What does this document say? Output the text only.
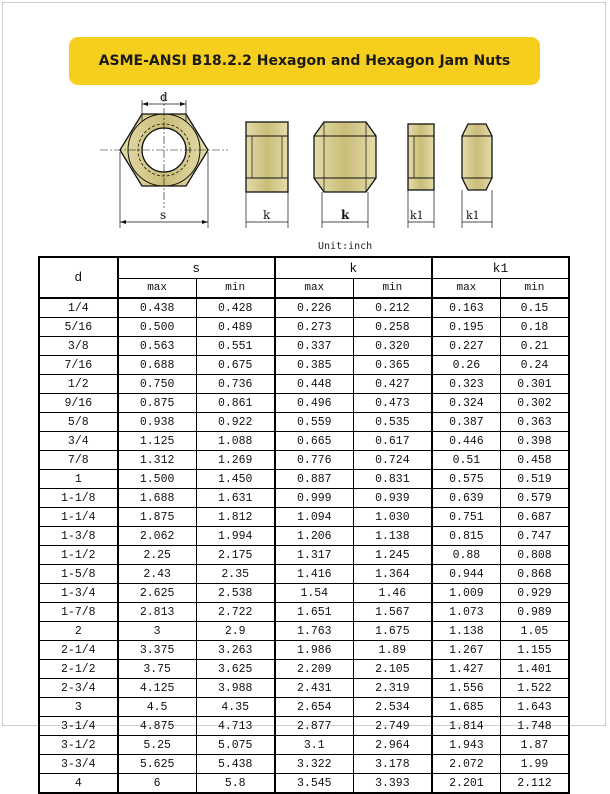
ASME-ANSI B18.2.2 Hexagon and Hexagon Jam Nuts
d
s	k	k	k1	k1
Unit:inch
d	s		k		k1	
	max	min	max	min	max	min
1/4	0.438	0.428	0.226	0.212	0.163	0.15
5/16	0.500	0.489	0.273	0.258	0.195	0.18
3/8	0.563	0.551	0.337	0.320	0.227	0.21
7/16	0.688	0.675	0.385	0.365	0.26	0.24
1/2	0.750	0.736	0.448	0.427	0.323	0.301
9/16	0.875	0.861	0.496	0.473	0.324	0.302
5/8	0.938	0.922	0.559	0.535	0.387	0.363
3/4	1.125	1.088	0.665	0.617	0.446	0.398
7/8	1.312	1.269	0.776	0.724	0.51	0.458
1	1.500	1.450	0.887	0.831	0.575	0.519
1-1/8	1.688	1.631	0.999	0.939	0.639	0.579
1-1/4	1.875	1.812	1.094	1.030	0.751	0.687
1-3/8	2.062	1.994	1.206	1.138	0.815	0.747
1-1/2	2.25	2.175	1.317	1.245	0.88	0.808
1-5/8	2.43	2.35	1.416	1.364	0.944	0.868
1-3/4	2.625	2.538	1.54	1.46	1.009	0.929
1-7/8	2.813	2.722	1.651	1.567	1.073	0.989
2	3	2.9	1.763	1.675	1.138	1.05
2-1/4	3.375	3.263	1.986	1.89	1.267	1.155
2-1/2	3.75	3.625	2.209	2.105	1.427	1.401
2-3/4	4.125	3.988	2.431	2.319	1.556	1.522
3	4.5	4.35	2.654	2.534	1.685	1.643
3-1/4	4.875	4.713	2.877	2.749	1.814	1.748
3-1/2	5.25	5.075	3.1	2.964	1.943	1.87
3-3/4	5.625	5.438	3.322	3.178	2.072	1.99
4	6	5.8	3.545	3.393	2.201	2.112
